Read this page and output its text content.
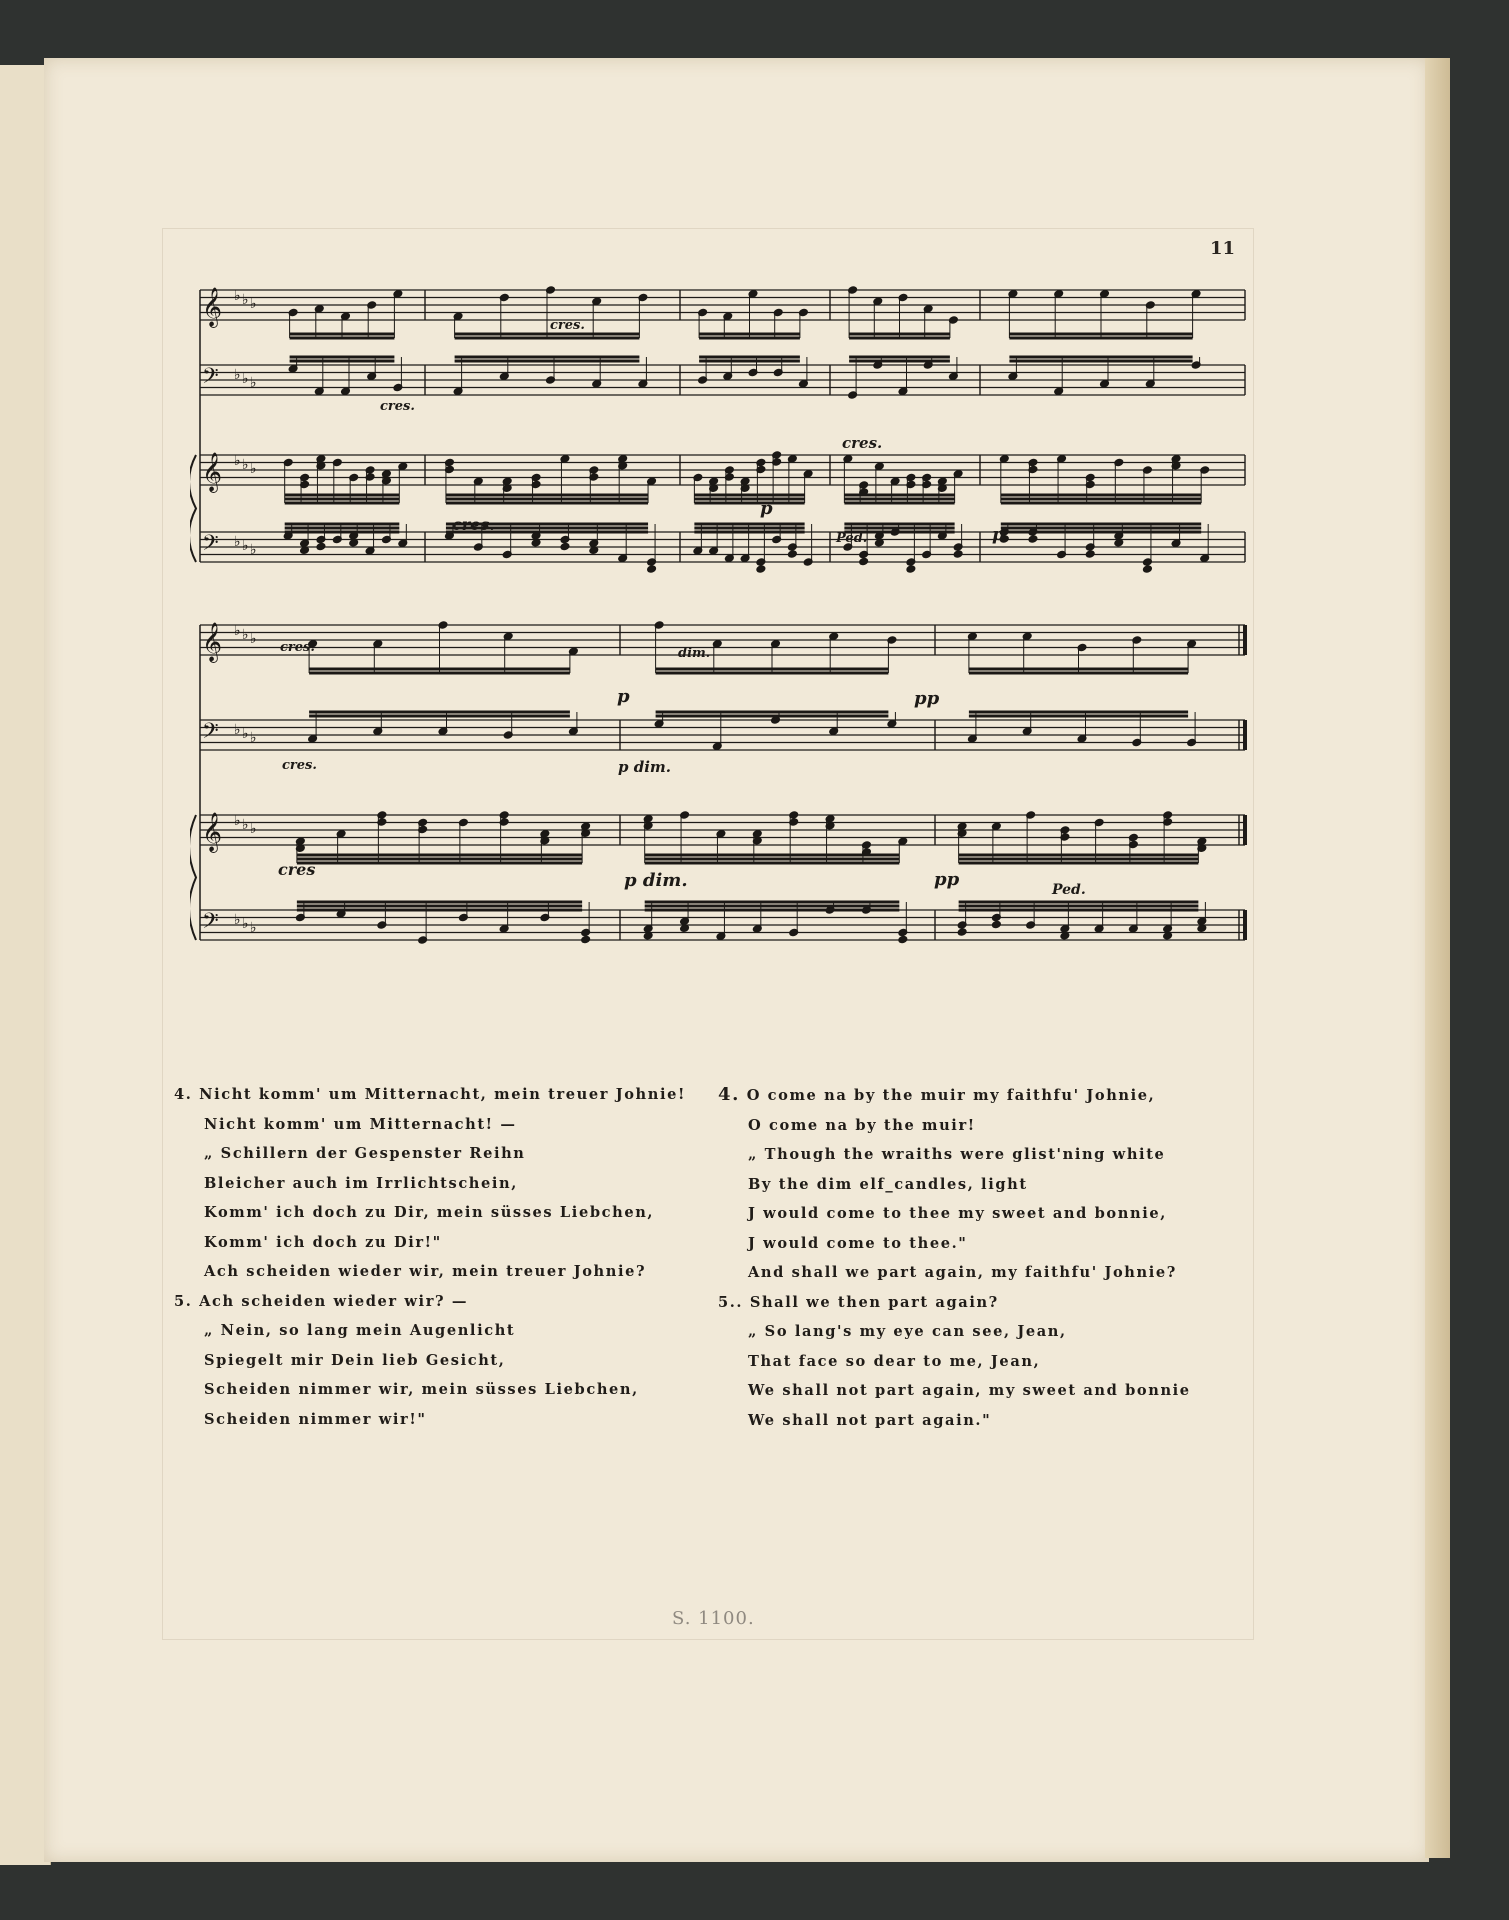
11
𝄞 ♭ ♭ ♭
𝄢 ♭ ♭ ♭
𝄞 ♭ ♭ ♭
𝄢 ♭ ♭ ♭
𝄞 ♭ ♭ ♭
𝄢 ♭ ♭ ♭
𝄞 ♭ ♭ ♭
𝄢 ♭ ♭ ♭
cres.
cres.
cres.
p
cres.
Ped.	p
cres.	dim.
p	pp
cres.	p dim.
cres
p dim.	pp	Ped.
4. Nicht komm' um Mitternacht, mein treuer Johnie!
Nicht komm' um Mitternacht! —
„ Schillern der Gespenster Reihn
Bleicher auch im Irrlichtschein,
Komm' ich doch zu Dir, mein süsses Liebchen,
Komm' ich doch zu Dir!"
Ach scheiden wieder wir, mein treuer Johnie?
5. Ach scheiden wieder wir? —
„ Nein, so lang mein Augenlicht
Spiegelt mir Dein lieb Gesicht,
Scheiden nimmer wir, mein süsses Liebchen,
Scheiden nimmer wir!"
4. O come na by the muir my faithfu' Johnie,
O come na by the muir!
„ Though the wraiths were glist'ning white
By the dim elf_candles, light
J would come to thee my sweet and bonnie,
J would come to thee."
And shall we part again, my faithfu' Johnie?
5.. Shall we then part again?
„ So lang's my eye can see, Jean,
That face so dear to me, Jean,
We shall not part again, my sweet and bonnie
We shall not part again."
S. 1100.
